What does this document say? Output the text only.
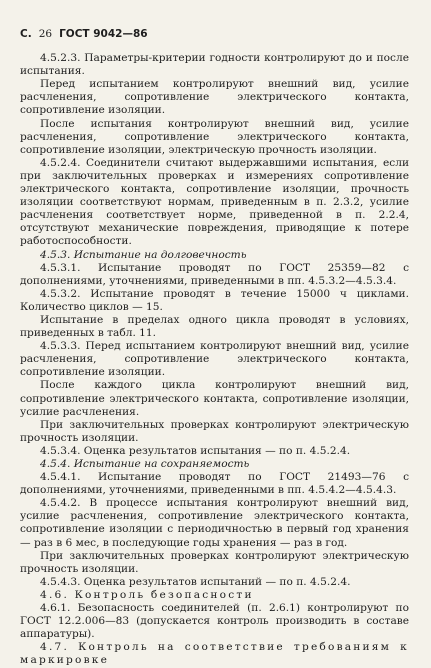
С. 26 ГОСТ 9042—86

4.5.2.3. Параметры-критерии годности контролируют до и после испытания.

Перед испытанием контролируют внешний вид, усилие расчленения, сопротивление электрического контакта, сопротивление изоляции.

После испытания контролируют внешний вид, усилие расчленения, сопротивление электрического контакта, сопротивление изоляции, электрическую прочность изоляции.

4.5.2.4. Соединители считают выдержавшими испытания, если при заключительных проверках и измерениях сопротивление электрического контакта, сопротивление изоляции, прочность изоляции соответствуют нормам, приведенным в п. 2.3.2, усилие расчленения соответствует норме, приведенной в п. 2.2.4, отсутствуют механические повреждения, приводящие к потере работоспособности.

4.5.3. Испытание на долговечность

4.5.3.1. Испытание проводят по ГОСТ 25359—82 с дополнениями, уточнениями, приведенными в пп. 4.5.3.2—4.5.3.4.

4.5.3.2. Испытание проводят в течение 15000 ч циклами. Количество циклов — 15.

Испытание в пределах одного цикла проводят в условиях, приведенных в табл. 11.

4.5.3.3. Перед испытанием контролируют внешний вид, усилие расчленения, сопротивление электрического контакта, сопротивление изоляции.

После каждого цикла контролируют внешний вид, сопротивление электрического контакта, сопротивление изоляции, усилие расчленения.

При заключительных проверках контролируют электрическую прочность изоляции.

4.5.3.4. Оценка результатов испытания — по п. 4.5.2.4.

4.5.4. Испытание на сохраняемость

4.5.4.1. Испытание проводят по ГОСТ 21493—76 с дополнениями, уточнениями, приведенными в пп. 4.5.4.2—4.5.4.3.

4.5.4.2. В процессе испытания контролируют внешний вид, усилие расчленения, сопротивление электрического контакта, сопротивление изоляции с периодичностью в первый год хранения — раз в 6 мес, в последующие годы хранения — раз в год.

При заключительных проверках контролируют электрическую прочность изоляции.

4.5.4.3. Оценка результатов испытаний — по п. 4.5.2.4.

4.6. Контроль безопасности

4.6.1. Безопасность соединителей (п. 2.6.1) контролируют по ГОСТ 12.2.006—83 (допускается контроль производить в составе аппаратуры).

4.7. Контроль на соответствие требованиям к маркировке
